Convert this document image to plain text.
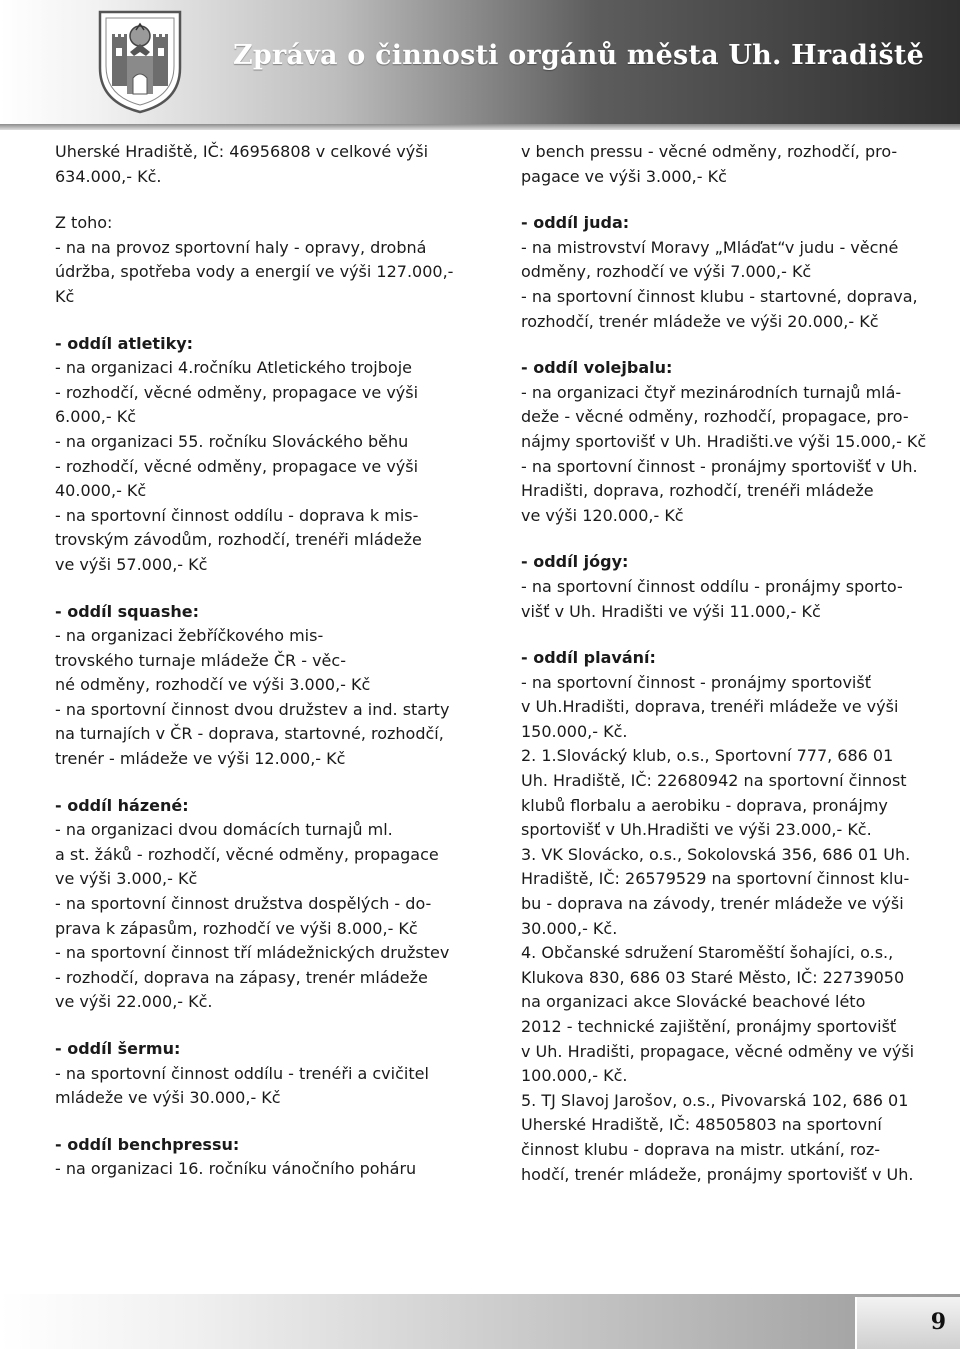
Zpráva o činnosti orgánů města Uh. Hradiště

Uherské Hradiště, IČ: 46956808 v celkové výši

634.000,- Kč.

Z toho:

- na na provoz sportovní haly - opravy, drobná

údržba, spotřeba vody a energií ve výši 127.000,-

Kč

- oddíl atletiky:

- na organizaci 4.ročníku Atletického trojboje

- rozhodčí, věcné odměny, propagace ve výši

6.000,- Kč

- na organizaci 55. ročníku Slováckého běhu

- rozhodčí, věcné odměny, propagace ve výši

40.000,- Kč

- na sportovní činnost oddílu - doprava k mis-

trovským závodům, rozhodčí, trenéři mládeže

ve výši 57.000,- Kč

- oddíl squashe:

- na organizaci žebříčkového mis-

trovského turnaje mládeže ČR - věc-

né odměny, rozhodčí ve výši 3.000,- Kč

- na sportovní činnost dvou družstev a ind. starty

na turnajích v ČR - doprava, startovné, rozhodčí,

trenér - mládeže ve výši 12.000,- Kč

- oddíl házené:

- na organizaci dvou domácích turnajů ml.

a st. žáků - rozhodčí, věcné odměny, propagace

ve výši 3.000,- Kč

- na sportovní činnost družstva dospělých - do-

prava k zápasům, rozhodčí ve výši 8.000,- Kč

- na sportovní činnost tří mládežnických družstev

- rozhodčí, doprava na zápasy, trenér mládeže

ve výši 22.000,- Kč.

- oddíl šermu:

- na sportovní činnost oddílu - trenéři a cvičitel

mládeže ve výši 30.000,- Kč

- oddíl benchpressu:

- na organizaci 16. ročníku vánočního poháru

v bench pressu - věcné odměny, rozhodčí, pro-

pagace ve výši 3.000,- Kč

- oddíl juda:

- na mistrovství Moravy „Mláďat“v judu - věcné

odměny, rozhodčí ve výši 7.000,- Kč

- na sportovní činnost klubu - startovné, doprava,

rozhodčí, trenér mládeže ve výši 20.000,- Kč

- oddíl volejbalu:

- na organizaci čtyř mezinárodních turnajů mlá-

deže - věcné odměny, rozhodčí, propagace, pro-

nájmy sportovišť v Uh. Hradišti.ve výši 15.000,- Kč

- na sportovní činnost - pronájmy sportovišť v Uh.

Hradišti, doprava, rozhodčí, trenéři mládeže

ve výši 120.000,- Kč

- oddíl jógy:

- na sportovní činnost oddílu - pronájmy sporto-

višť v Uh. Hradišti ve výši 11.000,- Kč

- oddíl plavání:

- na sportovní činnost - pronájmy sportovišť

v Uh.Hradišti, doprava, trenéři mládeže ve výši

150.000,- Kč.

2. 1.Slovácký klub, o.s., Sportovní 777, 686 01

Uh. Hradiště, IČ: 22680942 na sportovní činnost

klubů florbalu a aerobiku - doprava, pronájmy

sportovišť v Uh.Hradišti ve výši 23.000,- Kč.

3. VK Slovácko, o.s., Sokolovská 356, 686 01 Uh.

Hradiště, IČ: 26579529 na sportovní činnost klu-

bu - doprava na závody, trenér mládeže ve výši

30.000,- Kč.

4. Občanské sdružení Staroměští šohajíci, o.s.,

Klukova 830, 686 03 Staré Město, IČ: 22739050

na organizaci akce Slovácké beachové léto

2012 - technické zajištění, pronájmy sportovišť

v Uh. Hradišti, propagace, věcné odměny ve výši

100.000,- Kč.

5. TJ Slavoj Jarošov, o.s., Pivovarská 102, 686 01

Uherské Hradiště, IČ: 48505803 na sportovní

činnost klubu - doprava na mistr. utkání, roz-

hodčí, trenér mládeže, pronájmy sportovišť v Uh.

9
